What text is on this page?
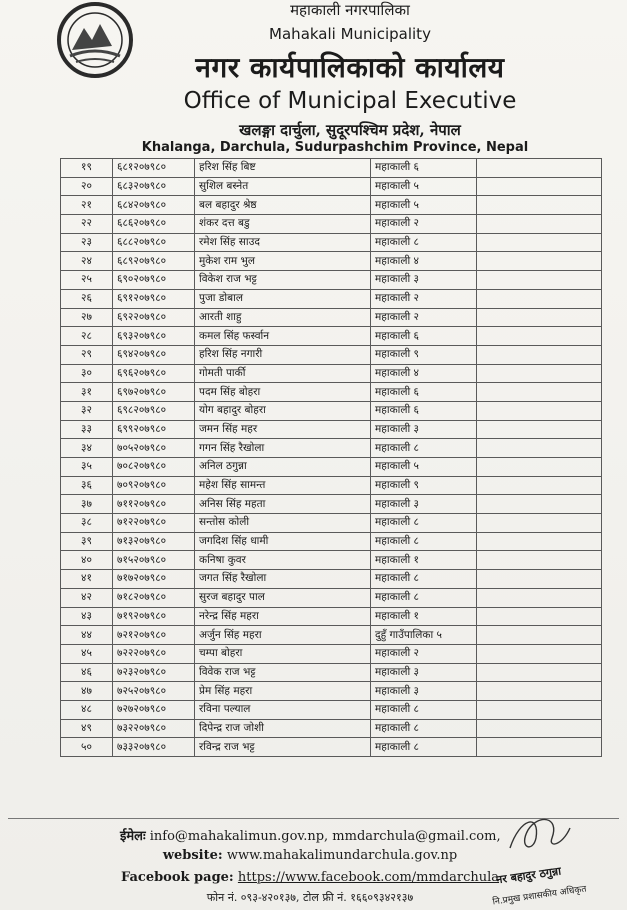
महाकाली नगरपालिका
Mahakali Municipality
नगर कार्यपालिकाको कार्यालय
Office of Municipal Executive
खलङ्गा दार्चुला, सुदूरपश्चिम प्रदेश, नेपाल
Khalanga, Darchula, Sudurpashchim Province, Nepal
१९	६८१२०७९८०	हरिश सिंह बिष्ट	महाकाली ६	
२०	६८३२०७९८०	सुशिल बस्नेत	महाकाली ५	
२१	६८४२०७९८०	बल बहादुर श्रेष्ठ	महाकाली ५	
२२	६८६२०७९८०	शंकर दत्त बडु	महाकाली २	
२३	६८८२०७९८०	रमेश सिंह साउद	महाकाली ८	
२४	६८९२०७९८०	मुकेश राम भुल	महाकाली ४	
२५	६९०२०७९८०	विकेश राज भट्ट	महाकाली ३	
२६	६९१२०७९८०	पुजा डोबाल	महाकाली २	
२७	६९२२०७९८०	आरती शाहु	महाकाली २	
२८	६९३२०७९८०	कमल सिंह फर्स्वान	महाकाली ६	
२९	६९४२०७९८०	हरिश सिंह नगारी	महाकाली ९	
३०	६९६२०७९८०	गोमती पार्की	महाकाली ४	
३१	६९७२०७९८०	पदम सिंह बोहरा	महाकाली ६	
३२	६९८२०७९८०	योग बहादुर बोहरा	महाकाली ६	
३३	६९९२०७९८०	जमन सिंह महर	महाकाली ३	
३४	७०५२०७९८०	गगन सिंह रैखोला	महाकाली ८	
३५	७०८२०७९८०	अनिल ठगुन्ना	महाकाली ५	
३६	७०९२०७९८०	महेश सिंह सामन्त	महाकाली ९	
३७	७११२०७९८०	अनिस सिंह महता	महाकाली ३	
३८	७१२२०७९८०	सन्तोस कोली	महाकाली ८	
३९	७१३२०७९८०	जगदिश सिंह धामी	महाकाली ८	
४०	७१५२०७९८०	कनिषा कुवर	महाकाली १	
४१	७१७२०७९८०	जगत सिंह रैखोला	महाकाली ८	
४२	७१८२०७९८०	सुरज बहादुर पाल	महाकाली ८	
४३	७१९२०७९८०	नरेन्द्र सिंह महरा	महाकाली १	
४४	७२१२०७९८०	अर्जुन सिंह महरा	दुहुँ गाउँपालिका ५	
४५	७२२२०७९८०	चम्पा बोहरा	महाकाली २	
४६	७२३२०७९८०	विवेक राज भट्ट	महाकाली ३	
४७	७२५२०७९८०	प्रेम सिंह महरा	महाकाली ३	
४८	७२७२०७९८०	रविना पल्याल	महाकाली ८	
४९	७३२२०७९८०	दिपेन्द्र राज जोशी	महाकाली ८	
५०	७३३२०७९८०	रविन्द्र राज भट्ट	महाकाली ८	
ईमेलः info@mahakalimun.gov.np, mmdarchula@gmail.com,
website: www.mahakalimundarchula.gov.np
Facebook page: https://www.facebook.com/mmdarchula
फोन नं. ०९३-४२०१३७, टोल फ्री नं. १६६०९३४२१३७
नर बहादुर ठगुन्ना
नि.प्रमुख प्रशासकीय अधिकृत
